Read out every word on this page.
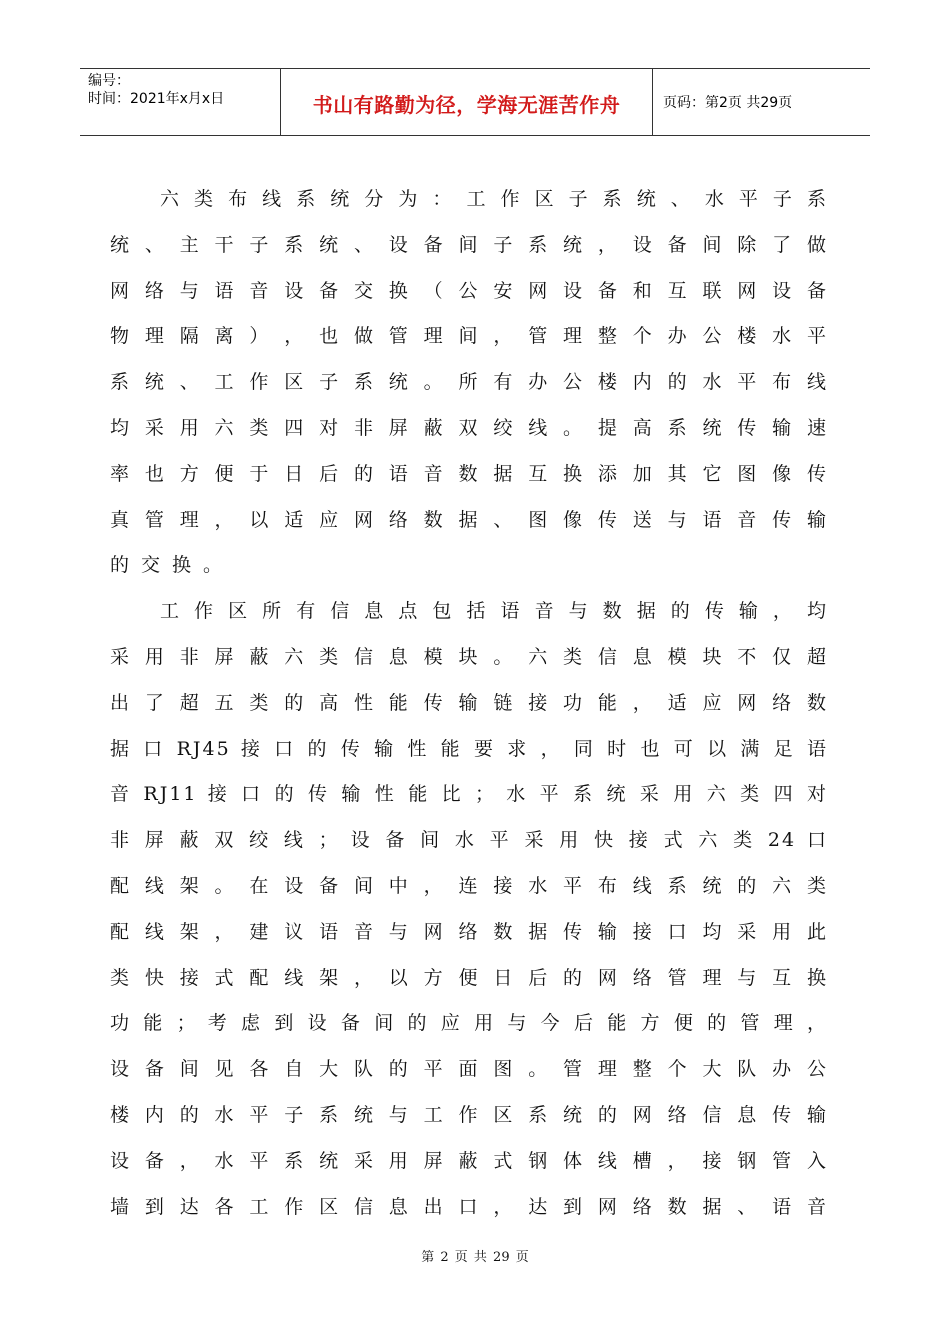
编号：
时间：2021年x月x日	书山有路勤为径，学海无涯苦作舟	页码：第2页 共29页
六 类 布 线 系 统 分 为 ： 工 作 区 子 系 统 、 水 平 子 系
统 、 主 干 子 系 统 、 设 备 间 子 系 统 ， 设 备 间 除 了 做
网 络 与 语 音 设 备 交 换 （ 公 安 网 设 备 和 互 联 网 设 备
物 理 隔 离 ） ， 也 做 管 理 间 ， 管 理 整 个 办 公 楼 水 平
系 统 、 工 作 区 子 系 统 。 所 有 办 公 楼 内 的 水 平 布 线
均 采 用 六 类 四 对 非 屏 蔽 双 绞 线 。 提 高 系 统 传 输 速
率 也 方 便 于 日 后 的 语 音 数 据 互 换 添 加 其 它 图 像 传
真 管 理 ， 以 适 应 网 络 数 据 、 图 像 传 送 与 语 音 传 输
的交换。
工 作 区 所 有 信 息 点 包 括 语 音 与 数 据 的 传 输 ， 均
采 用 非 屏 蔽 六 类 信 息 模 块 。 六 类 信 息 模 块 不 仅 超
出 了 超 五 类 的 高 性 能 传 输 链 接 功 能 ， 适 应 网 络 数
据 口 RJ45 接 口 的 传 输 性 能 要 求 ， 同 时 也 可 以 满 足 语
音 RJ11 接 口 的 传 输 性 能 比 ； 水 平 系 统 采 用 六 类 四 对
非 屏 蔽 双 绞 线 ； 设 备 间 水 平 采 用 快 接 式 六 类 24 口
配 线 架 。 在 设 备 间 中 ， 连 接 水 平 布 线 系 统 的 六 类
配 线 架 ， 建 议 语 音 与 网 络 数 据 传 输 接 口 均 采 用 此
类 快 接 式 配 线 架 ， 以 方 便 日 后 的 网 络 管 理 与 互 换
功 能 ； 考 虑 到 设 备 间 的 应 用 与 今 后 能 方 便 的 管 理 ，
设 备 间 见 各 自 大 队 的 平 面 图 。 管 理 整 个 大 队 办 公
楼 内 的 水 平 子 系 统 与 工 作 区 系 统 的 网 络 信 息 传 输
设 备 ， 水 平 系 统 采 用 屏 蔽 式 钢 体 线 槽 ， 接 钢 管 入
墙 到 达 各 工 作 区 信 息 出 口 ， 达 到 网 络 数 据 、 语 音
第 2 页 共 29 页
